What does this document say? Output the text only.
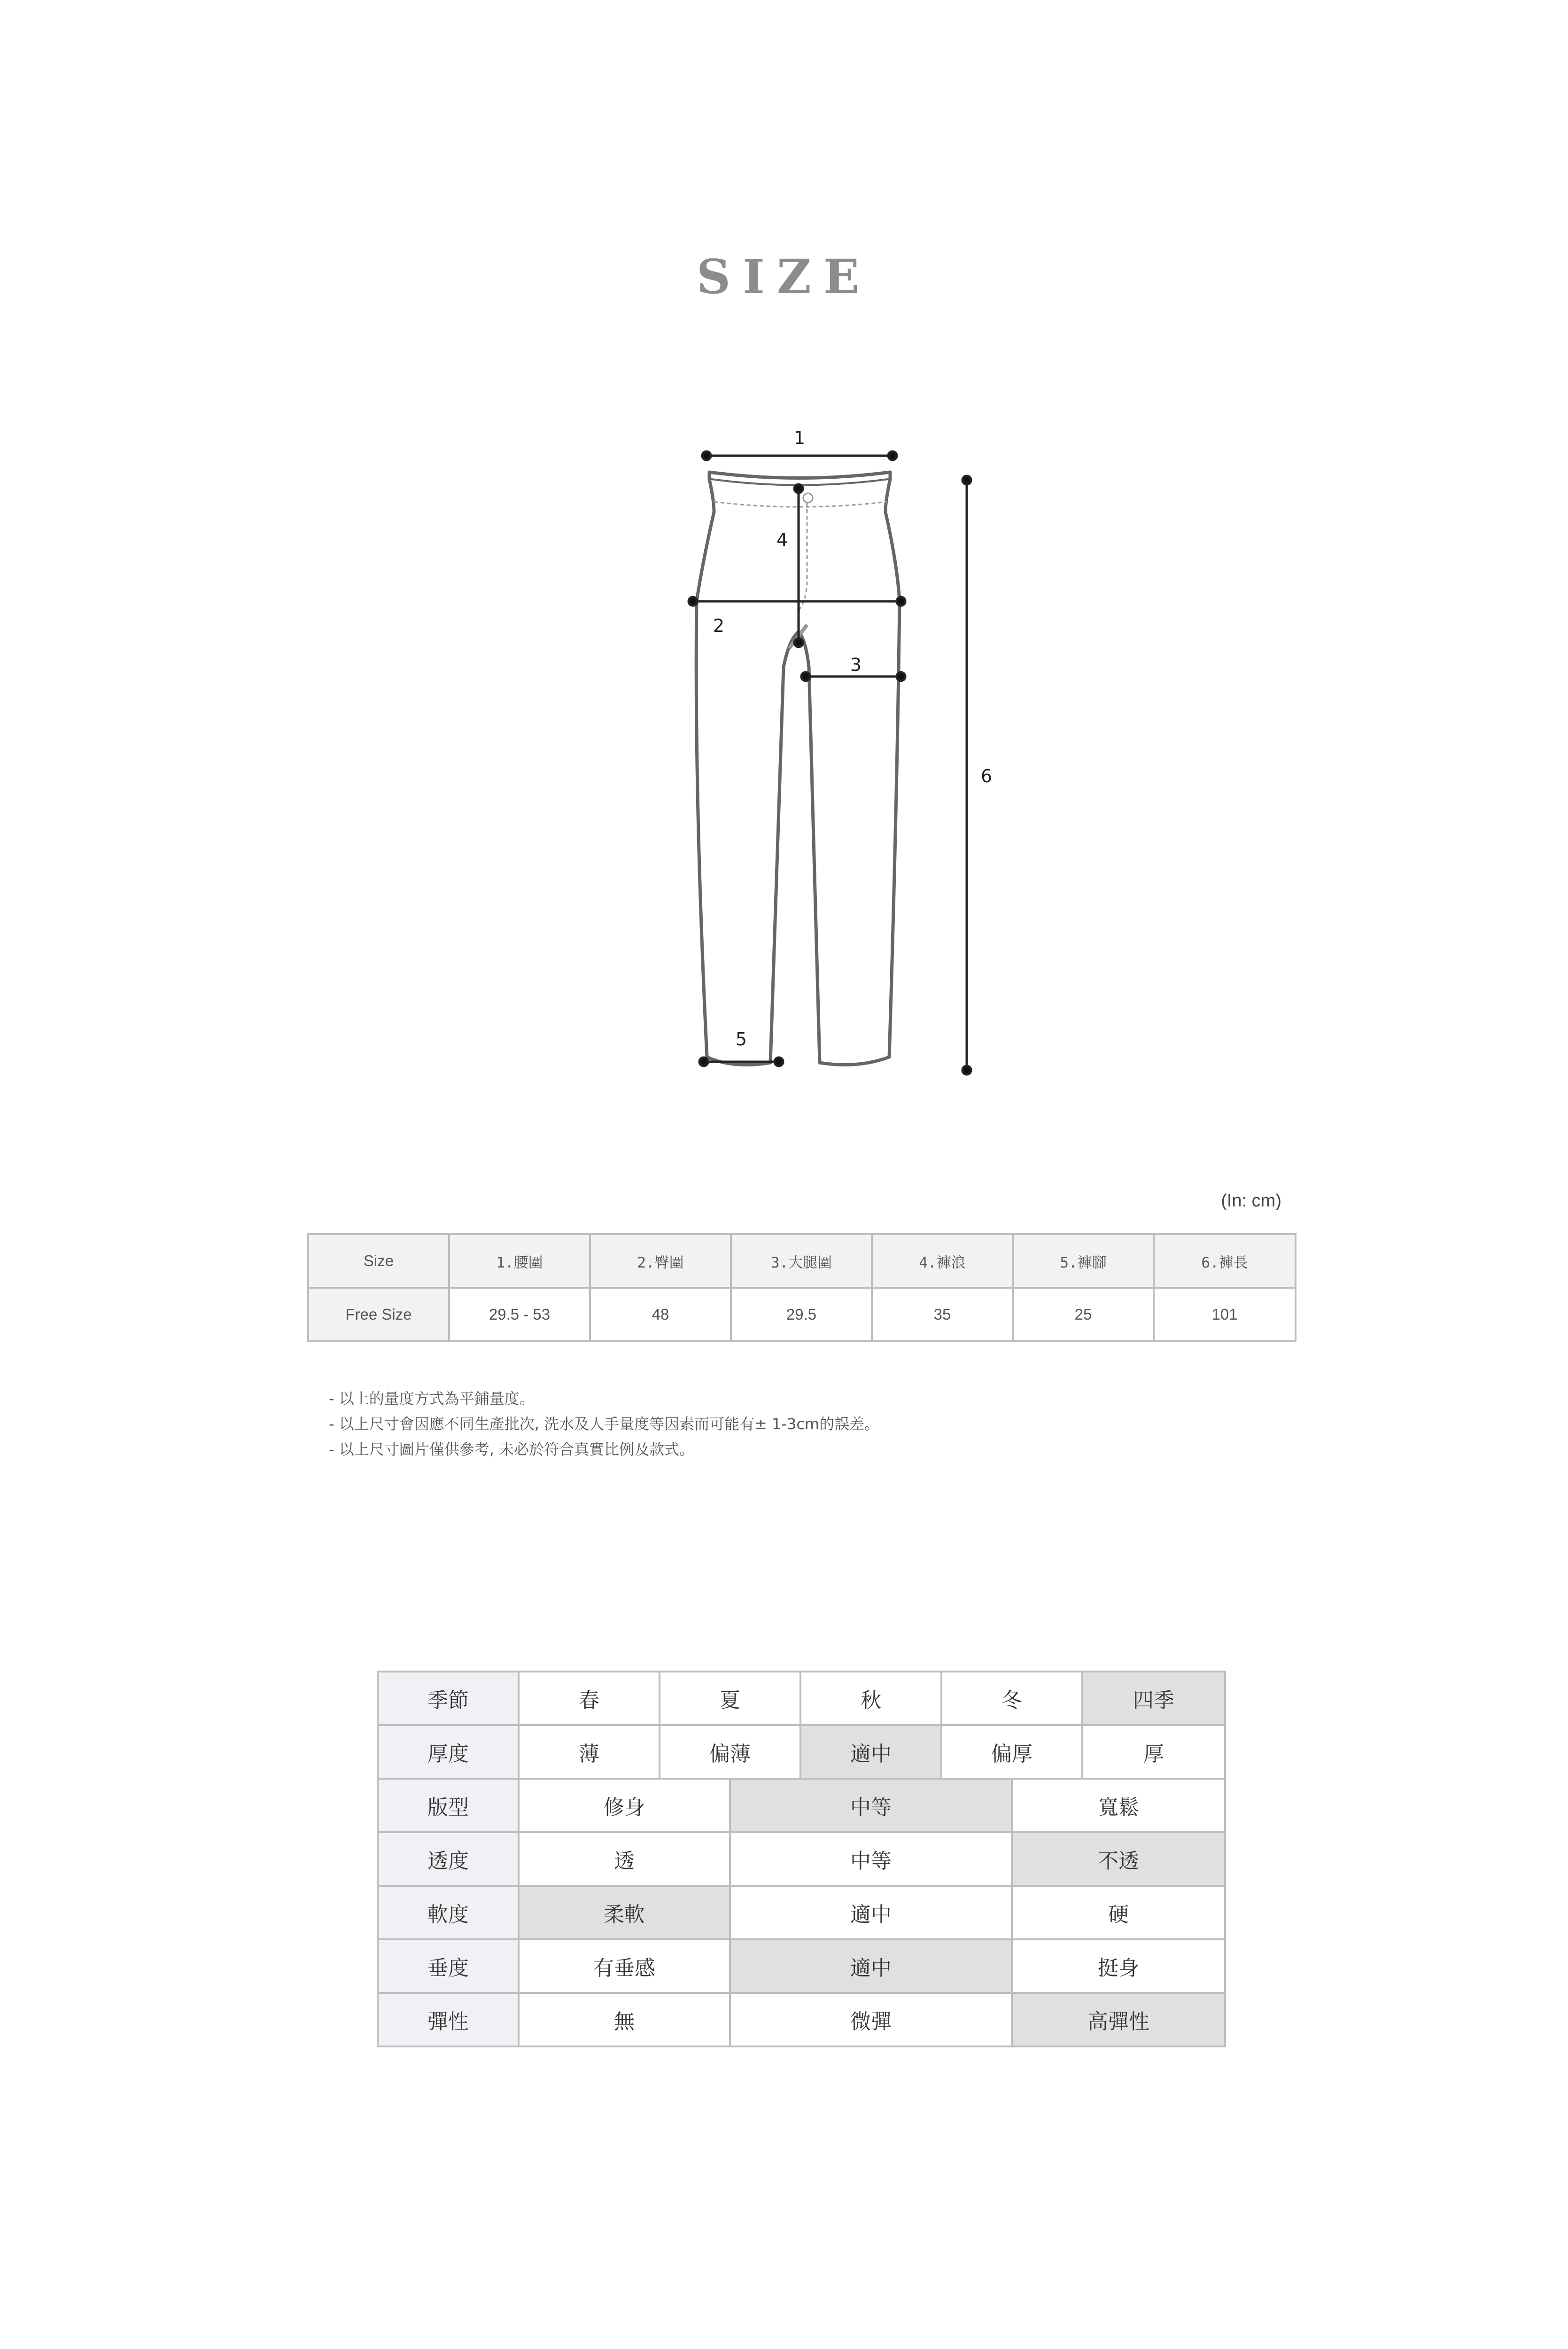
SIZE
1
2
3
4
5
6
(In: cm)
Size	1.腰圍	2.臀圍	3.大腿圍	4.褲浪	5.褲腳	6.褲長
Free Size	29.5 - 53	48	29.5	35	25	101
- 以上的量度方式為平鋪量度。
- 以上尺寸會因應不同生產批次, 洗水及人手量度等因素而可能有± 1-3cm的誤差。
- 以上尺寸圖片僅供參考, 未必於符合真實比例及款式。
季節	春	夏		秋	冬		四季
厚度	薄	偏薄		適中	偏厚		厚
版型	修身		中等			寬鬆	
透度	透		中等			不透	
軟度	柔軟		適中			硬	
垂度	有垂感		適中			挺身	
彈性	無		微彈			高彈性	
